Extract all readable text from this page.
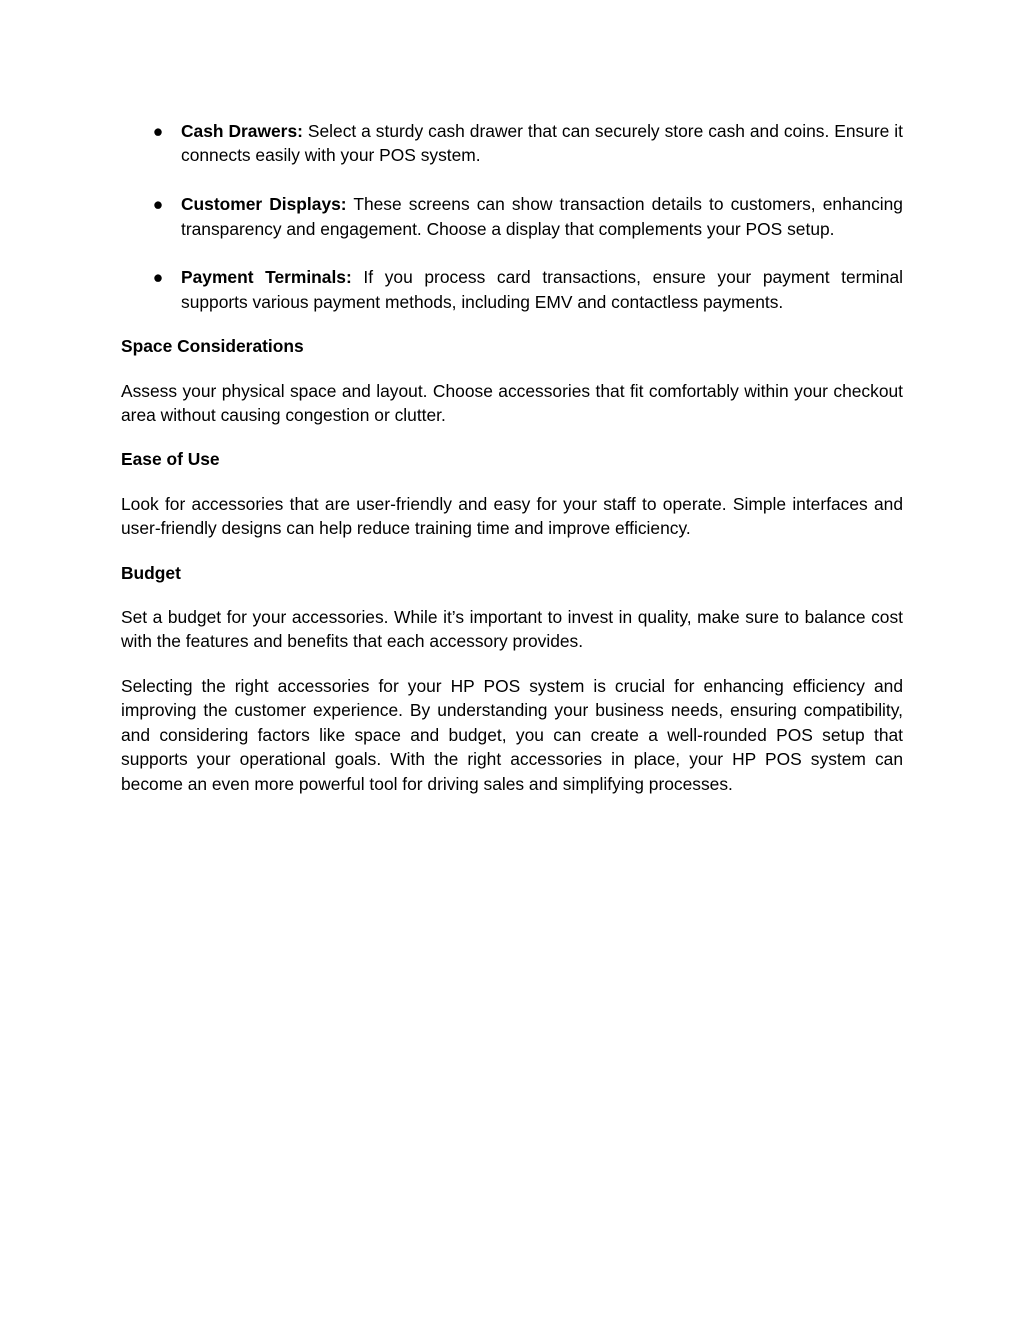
● Cash Drawers: Select a sturdy cash drawer that can securely store cash and coins. Ensure it connects easily with your POS system.
● Customer Displays: These screens can show transaction details to customers, enhancing transparency and engagement. Choose a display that complements your POS setup.
● Payment Terminals: If you process card transactions, ensure your payment terminal supports various payment methods, including EMV and contactless payments.
Space Considerations

Assess your physical space and layout. Choose accessories that fit comfortably within your checkout area without causing congestion or clutter.

Ease of Use

Look for accessories that are user-friendly and easy for your staff to operate. Simple interfaces and user-friendly designs can help reduce training time and improve efficiency.

Budget

Set a budget for your accessories. While it’s important to invest in quality, make sure to balance cost with the features and benefits that each accessory provides.

Selecting the right accessories for your HP POS system is crucial for enhancing efficiency and improving the customer experience. By understanding your business needs, ensuring compatibility, and considering factors like space and budget, you can create a well-rounded POS setup that supports your operational goals. With the right accessories in place, your HP POS system can become an even more powerful tool for driving sales and simplifying processes.
